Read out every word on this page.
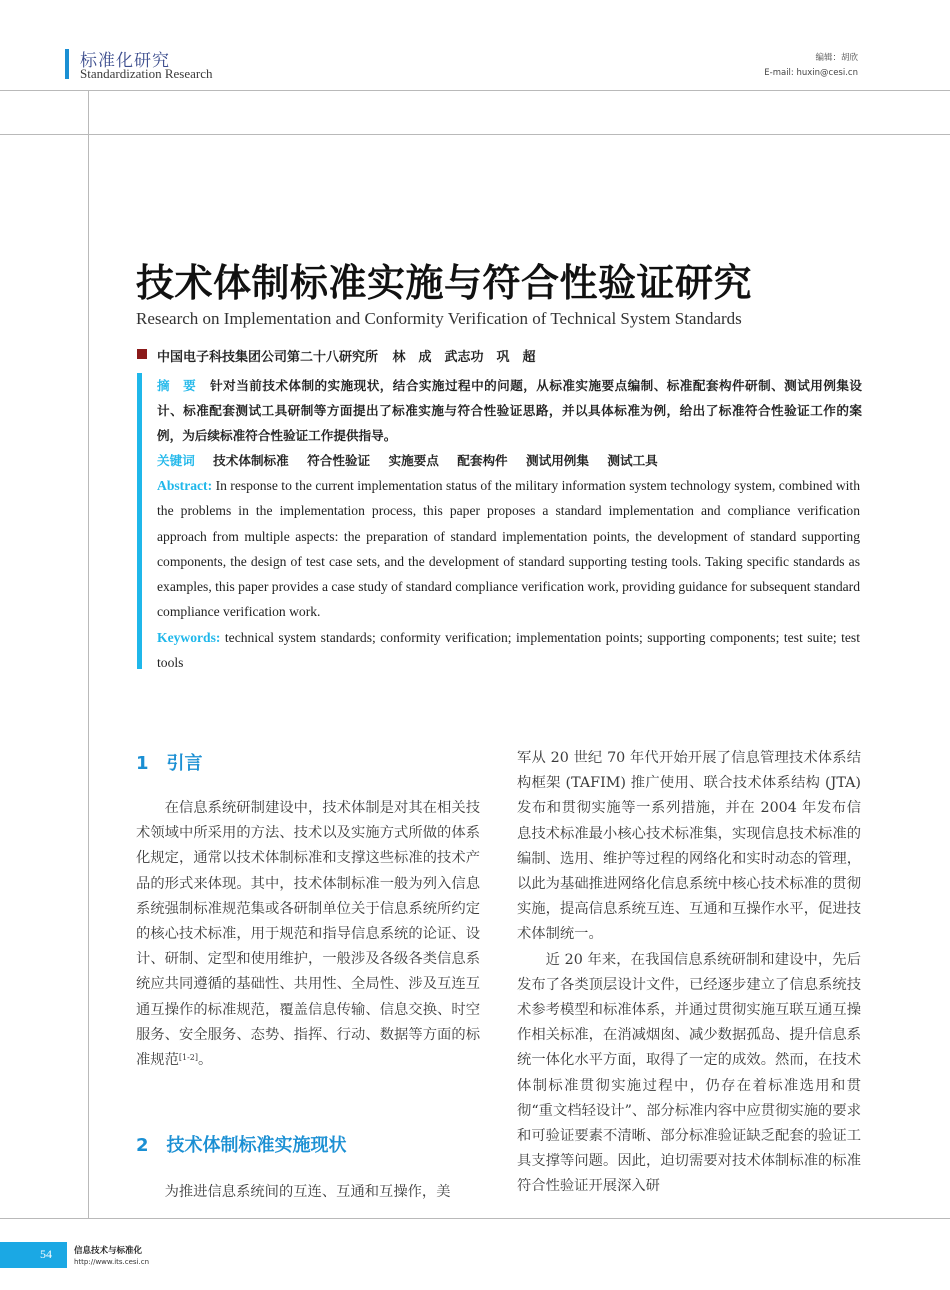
标准化研究
Standardization Research
编辑：胡欣
E-mail: huxin@cesi.cn
技术体制标准实施与符合性验证研究
Research on Implementation and Conformity Verification of Technical System Standards
中国电子科技集团公司第二十八研究所 林　成　武志功　巩　超
摘　要 针对当前技术体制的实施现状，结合实施过程中的问题，从标准实施要点编制、标准配套构件研制、测试用例集设计、标准配套测试工具研制等方面提出了标准实施与符合性验证思路，并以具体标准为例，给出了标准符合性验证工作的案例，为后续标准符合性验证工作提供指导。
关键词 技术体制标准 符合性验证 实施要点 配套构件 测试用例集 测试工具
Abstract: In response to the current implementation status of the military information system technology system, combined with the problems in the implementation process, this paper proposes a standard implementation and compliance verification approach from multiple aspects: the preparation of standard implementation points, the development of standard supporting components, the design of test case sets, and the development of standard supporting testing tools. Taking specific standards as examples, this paper provides a case study of standard compliance verification work, providing guidance for subsequent standard compliance verification work.
Keywords: technical system standards; conformity verification; implementation points; supporting components; test suite; test tools
1　引言

在信息系统研制建设中，技术体制是对其在相关技术领域中所采用的方法、技术以及实施方式所做的体系化规定，通常以技术体制标准和支撑这些标准的技术产品的形式来体现。其中，技术体制标准一般为列入信息系统强制标准规范集或各研制单位关于信息系统所约定的核心技术标准，用于规范和指导信息系统的论证、设计、研制、定型和使用维护，一般涉及各级各类信息系统应共同遵循的基础性、共用性、全局性、涉及互连互通互操作的标准规范，覆盖信息传输、信息交换、时空服务、安全服务、态势、指挥、行动、数据等方面的标准规范[1-2]。

2　技术体制标准实施现状

为推进信息系统间的互连、互通和互操作，美

军从 20 世纪 70 年代开始开展了信息管理技术体系结构框架 (TAFIM) 推广使用、联合技术体系结构 (JTA) 发布和贯彻实施等一系列措施，并在 2004 年发布信息技术标准最小核心技术标准集，实现信息技术标准的编制、选用、维护等过程的网络化和实时动态的管理，以此为基础推进网络化信息系统中核心技术标准的贯彻实施，提高信息系统互连、互通和互操作水平，促进技术体制统一。

近 20 年来，在我国信息系统研制和建设中，先后发布了各类顶层设计文件，已经逐步建立了信息系统技术参考模型和标准体系，并通过贯彻实施互联互通互操作相关标准，在消减烟囱、减少数据孤岛、提升信息系统一体化水平方面，取得了一定的成效。然而，在技术体制标准贯彻实施过程中，仍存在着标准选用和贯彻“重文档轻设计”、部分标准内容中应贯彻实施的要求和可验证要素不清晰、部分标准验证缺乏配套的验证工具支撑等问题。因此，迫切需要对技术体制标准的标准符合性验证开展深入研

54	信息技术与标准化
http://www.its.cesi.cn
